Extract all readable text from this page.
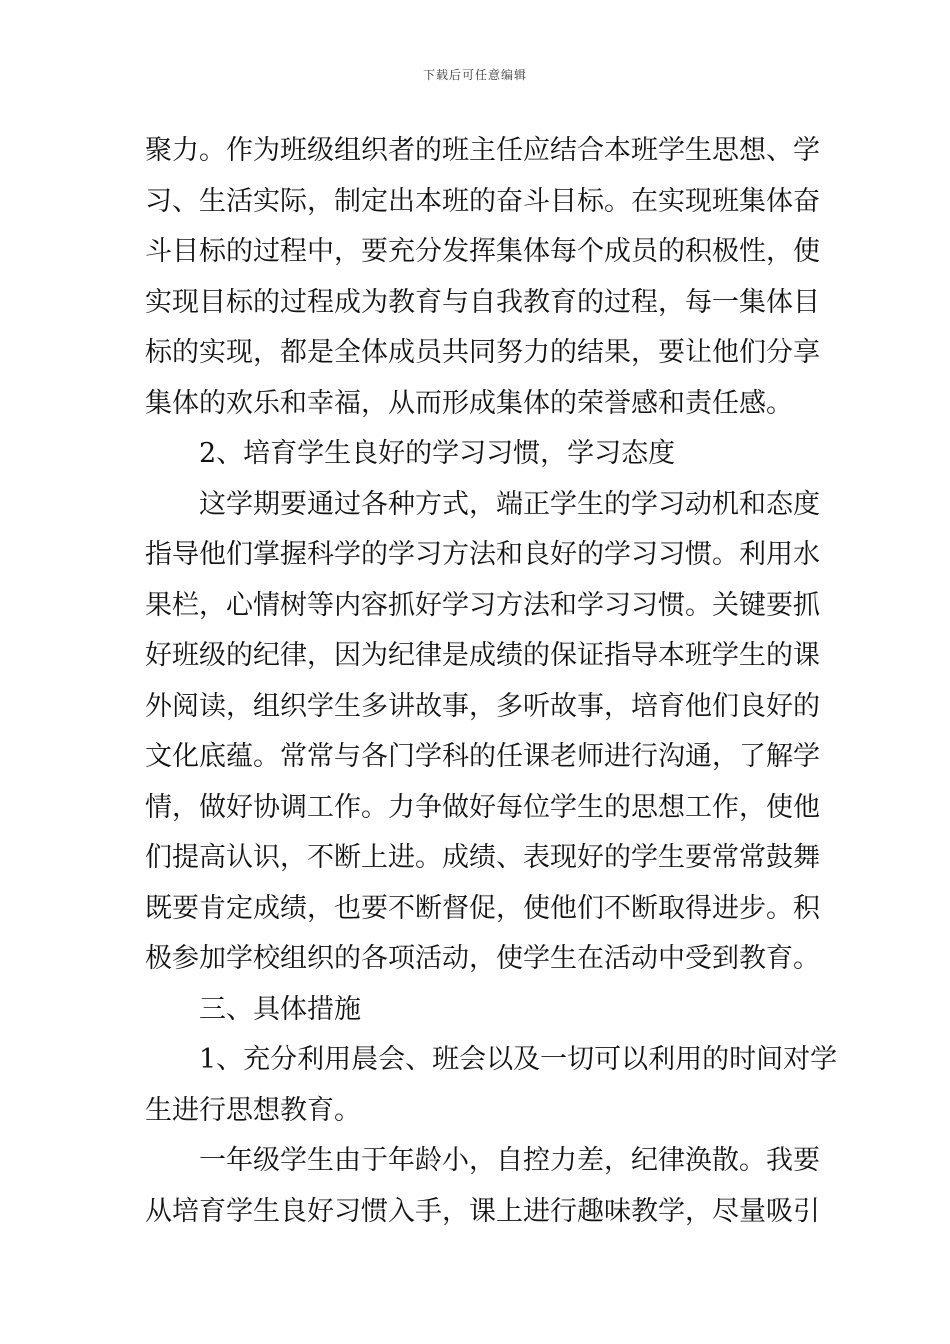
下载后可任意编辑
聚力。作为班级组织者的班主任应结合本班学生思想、学
习、生活实际，制定出本班的奋斗目标。在实现班集体奋
斗目标的过程中，要充分发挥集体每个成员的积极性，使
实现目标的过程成为教育与自我教育的过程，每一集体目
标的实现，都是全体成员共同努力的结果，要让他们分享
集体的欢乐和幸福，从而形成集体的荣誉感和责任感。
2、培育学生良好的学习习惯，学习态度
这学期要通过各种方式，端正学生的学习动机和态度
指导他们掌握科学的学习方法和良好的学习习惯。利用水
果栏，心情树等内容抓好学习方法和学习习惯。关键要抓
好班级的纪律，因为纪律是成绩的保证指导本班学生的课
外阅读，组织学生多讲故事，多听故事，培育他们良好的
文化底蕴。常常与各门学科的任课老师进行沟通，了解学
情，做好协调工作。力争做好每位学生的思想工作，使他
们提高认识，不断上进。成绩、表现好的学生要常常鼓舞
既要肯定成绩，也要不断督促，使他们不断取得进步。积
极参加学校组织的各项活动，使学生在活动中受到教育。
三、具体措施
1、充分利用晨会、班会以及一切可以利用的时间对学
生进行思想教育。
一年级学生由于年龄小，自控力差，纪律涣散。我要
从培育学生良好习惯入手，课上进行趣味教学，尽量吸引
